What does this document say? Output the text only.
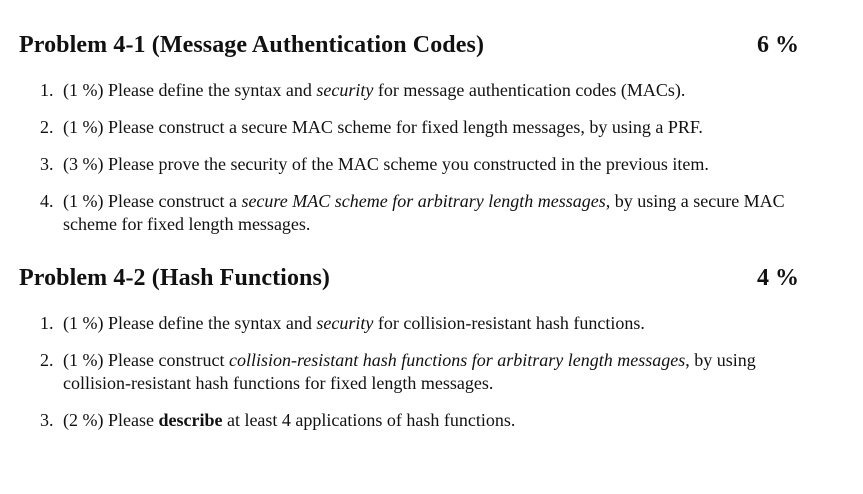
Problem 4-1 (Message Authentication Codes)	6 %
1. (1 %) Please define the syntax and security for message authentication codes (MACs).
2. (1 %) Please construct a secure MAC scheme for fixed length messages, by using a PRF.
3. (3 %) Please prove the security of the MAC scheme you constructed in the previous item.
4. (1 %) Please construct a secure MAC scheme for arbitrary length messages, by using a secure MAC scheme for fixed length messages.
Problem 4-2 (Hash Functions)	4 %
1. (1 %) Please define the syntax and security for collision-resistant hash functions.
2. (1 %) Please construct collision-resistant hash functions for arbitrary length messages, by using collision-resistant hash functions for fixed length messages.
3. (2 %) Please describe at least 4 applications of hash functions.
